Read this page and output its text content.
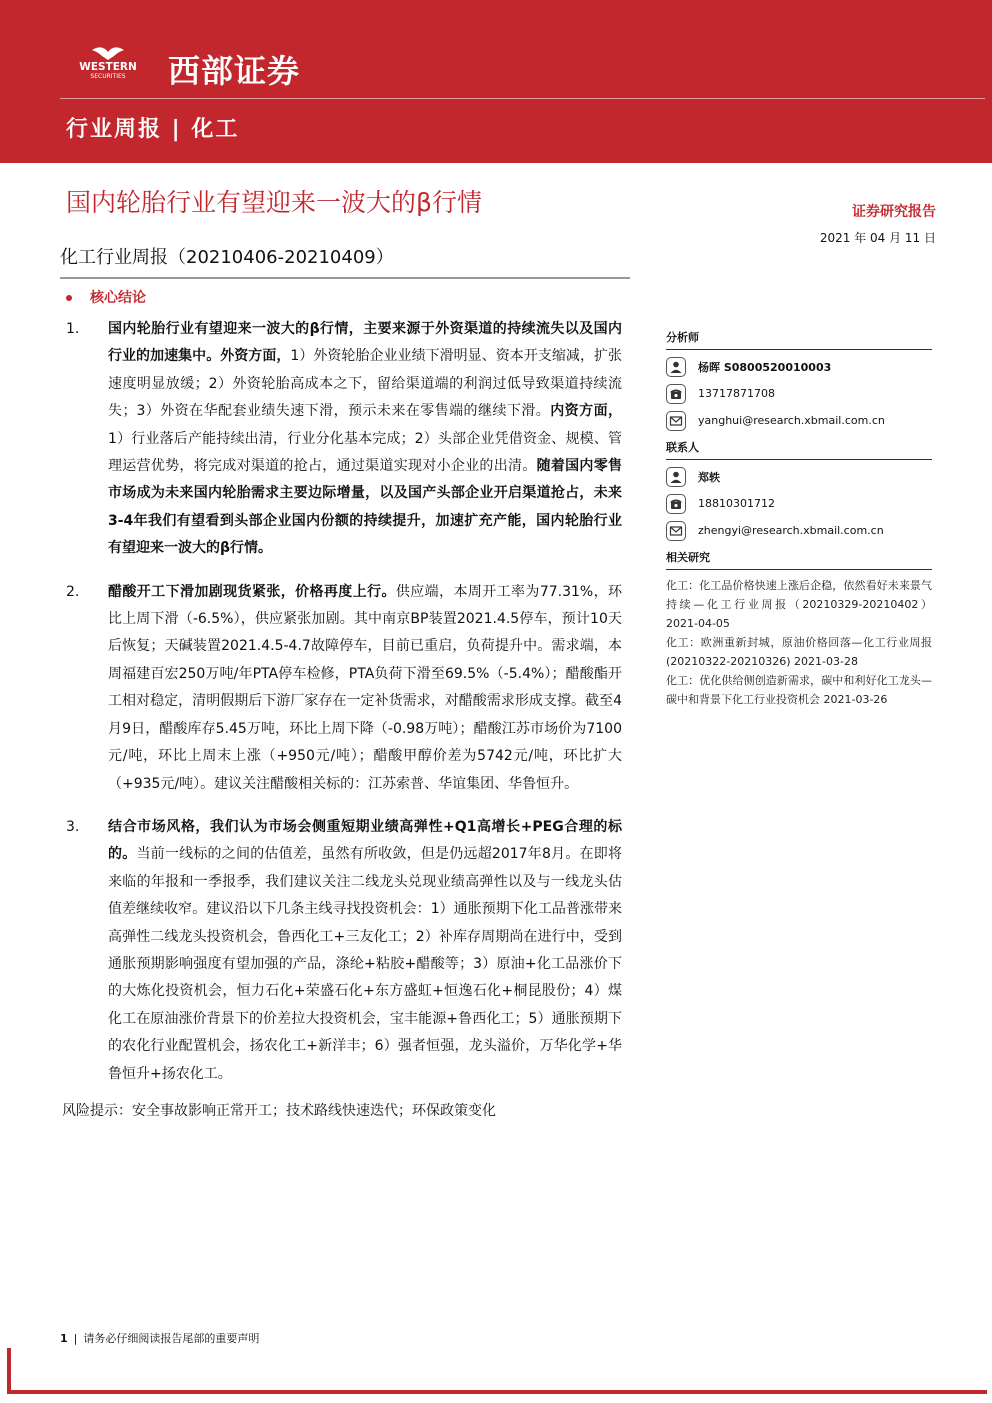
WESTERN
SECURITIES 西部证券
行业周报 | 化工
国内轮胎行业有望迎来一波大的β行情	证券研究报告
2021 年 04 月 11 日
化工行业周报（20210406-20210409）
核心结论
1.	国内轮胎行业有望迎来一波大的β行情，主要来源于外资渠道的持续流失以及国内行业的加速集中。外资方面，1）外资轮胎企业业绩下滑明显、资本开支缩减，扩张速度明显放缓；2）外资轮胎高成本之下，留给渠道端的利润过低导致渠道持续流失；3）外资在华配套业绩失速下滑，预示未来在零售端的继续下滑。内资方面，1）行业落后产能持续出清，行业分化基本完成；2）头部企业凭借资金、规模、管理运营优势，将完成对渠道的抢占，通过渠道实现对小企业的出清。随着国内零售市场成为未来国内轮胎需求主要边际增量，以及国产头部企业开启渠道抢占，未来3-4年我们有望看到头部企业国内份额的持续提升，加速扩充产能，国内轮胎行业有望迎来一波大的β行情。
2.	醋酸开工下滑加剧现货紧张，价格再度上行。供应端，本周开工率为77.31%，环比上周下滑（-6.5%），供应紧张加剧。其中南京BP装置2021.4.5停车，预计10天后恢复；天碱装置2021.4.5-4.7故障停车，目前已重启，负荷提升中。需求端，本周福建百宏250万吨/年PTA停车检修，PTA负荷下滑至69.5%（-5.4%）；醋酸酯开工相对稳定，清明假期后下游厂家存在一定补货需求，对醋酸需求形成支撑。截至4月9日，醋酸库存5.45万吨，环比上周下降（-0.98万吨）；醋酸江苏市场价为7100元/吨，环比上周末上涨（+950元/吨）；醋酸甲醇价差为5742元/吨，环比扩大（+935元/吨）。建议关注醋酸相关标的：江苏索普、华谊集团、华鲁恒升。
3.	结合市场风格，我们认为市场会侧重短期业绩高弹性+Q1高增长+PEG合理的标的。当前一线标的之间的估值差，虽然有所收敛，但是仍远超2017年8月。在即将来临的年报和一季报季，我们建议关注二线龙头兑现业绩高弹性以及与一线龙头估值差继续收窄。建议沿以下几条主线寻找投资机会：1）通胀预期下化工品普涨带来高弹性二线龙头投资机会，鲁西化工+三友化工；2）补库存周期尚在进行中，受到通胀预期影响强度有望加强的产品，涤纶+粘胶+醋酸等；3）原油+化工品涨价下的大炼化投资机会，恒力石化+荣盛石化+东方盛虹+恒逸石化+桐昆股份；4）煤化工在原油涨价背景下的价差拉大投资机会，宝丰能源+鲁西化工；5）通胀预期下的农化行业配置机会，扬农化工+新洋丰；6）强者恒强，龙头溢价，万华化学+华鲁恒升+扬农化工。
风险提示：安全事故影响正常开工；技术路线快速迭代；环保政策变化
分析师
杨晖 S0800520010003
13717871708
yanghui@research.xbmail.com.cn
联系人
郑轶
18810301712
zhengyi@research.xbmail.com.cn
相关研究
化工：化工品价格快速上涨后企稳，依然看好未来景气持续—化工行业周报（20210329-20210402） 2021-04-05
化工：欧洲重新封城，原油价格回落—化工行业周报(20210322-20210326) 2021-03-28
化工：优化供给侧创造新需求，碳中和利好化工龙头—碳中和背景下化工行业投资机会 2021-03-26
1 | 请务必仔细阅读报告尾部的重要声明
